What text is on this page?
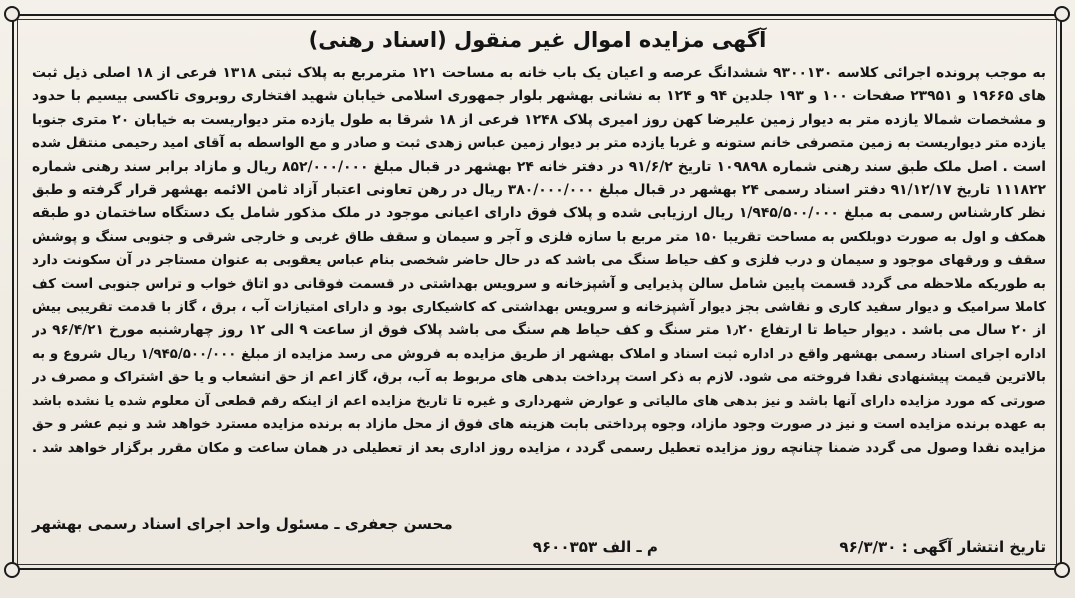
آگهی مزایده اموال غیر منقول (اسناد رهنی)
به موجب پرونده اجرائی کلاسه ۹۳۰۰۱۳۰ ششدانگ عرصه و اعیان یک باب خانه به مساحت ۱۲۱ مترمربع به پلاک ثبتی ۱۳۱۸ فرعی از ۱۸ اصلی ذیل ثبت
های ۱۹۶۶۵ و ۲۳۹۵۱ صفحات ۱۰۰ و ۱۹۳ جلدین ۹۴ و ۱۲۴ به نشانی بهشهر بلوار جمهوری اسلامی خیابان شهید افتخاری روبروی تاکسی بیسیم با حدود
و مشخصات شمالا یازده متر به دیوار زمین علیرضا کهن روز امیری پلاک ۱۲۴۸ فرعی از ۱۸ شرقا به طول یازده متر دیواریست به خیابان ۲۰ متری جنوبا
یازده متر دیواریست به زمین متصرفی خانم ستونه و غربا یازده متر بر دیوار زمین عباس زهدی ثبت و صادر و مع الواسطه به آقای امید رحیمی منتقل شده
است . اصل ملک طبق سند رهنی شماره ۱۰۹۸۹۸ تاریخ ۹۱/۶/۲ در دفتر خانه ۲۴ بهشهر در قبال مبلغ ۸۵۲/۰۰۰/۰۰۰ ریال و مازاد برابر سند رهنی شماره
۱۱۱۸۲۲ تاریخ ۹۱/۱۲/۱۷ دفتر اسناد رسمی ۲۴ بهشهر در قبال مبلغ ۳۸۰/۰۰۰/۰۰۰ ریال در رهن تعاونی اعتبار آزاد ثامن الائمه بهشهر قرار گرفته و طبق
نظر کارشناس رسمی به مبلغ ۱/۹۴۵/۵۰۰/۰۰۰ ریال ارزیابی شده و پلاک فوق دارای اعیانی موجود در ملک مذکور شامل یک دستگاه ساختمان دو طبقه
همکف و اول به صورت دوبلکس به مساحت تقریبا ۱۵۰ متر مربع با سازه فلزی و آجر و سیمان و سقف طاق غربی و خارجی شرقی و جنوبی سنگ و پوشش
سقف و ورقهای موجود و سیمان و درب فلزی و کف حیاط سنگ می باشد که در حال حاضر شخصی بنام عباس یعقوبی به عنوان مستاجر در آن سکونت دارد
به طوریکه ملاحظه می گردد قسمت پایین شامل سالن پذیرایی و آشپزخانه و سرویس بهداشتی در قسمت فوقانی دو اتاق خواب و تراس جنوبی است کف
کاملا سرامیک و دیوار سفید کاری و نقاشی بجز دیوار آشپزخانه و سرویس بهداشتی که کاشیکاری بود و دارای امتیازات آب ، برق ، گاز با قدمت تقریبی بیش
از ۲۰ سال می باشد . دیوار حیاط تا ارتفاع ۱٫۲۰ متر سنگ و کف حیاط هم سنگ می باشد پلاک فوق از ساعت ۹ الی ۱۲ روز چهارشنبه مورخ ۹۶/۴/۲۱ در
اداره اجرای اسناد رسمی بهشهر واقع در اداره ثبت اسناد و املاک بهشهر از طریق مزایده به فروش می رسد مزایده از مبلغ ۱/۹۴۵/۵۰۰/۰۰۰ ریال شروع و به
بالاترین قیمت پیشنهادی نقدا فروخته می شود. لازم به ذکر است پرداخت بدهی های مربوط به آب، برق، گاز اعم از حق انشعاب و یا حق اشتراک و مصرف در
صورتی که مورد مزایده دارای آنها باشد و نیز بدهی های مالیاتی و عوارض شهرداری و غیره تا تاریخ مزایده اعم از اینکه رقم قطعی آن معلوم شده یا نشده باشد
به عهده برنده مزایده است و نیز در صورت وجود مازاد، وجوه پرداختی بابت هزینه های فوق از محل مازاد به برنده مزایده مسترد خواهد شد و نیم عشر و حق
مزایده نقدا وصول می گردد ضمنا چنانچه روز مزایده تعطیل رسمی گردد ، مزایده روز اداری بعد از تعطیلی در همان ساعت و مکان مقرر برگزار خواهد شد .
محسن جعفری ـ مسئول واحد اجرای اسناد رسمی بهشهر
تاریخ انتشار آگهی : ۹۶/۳/۳۰
م ـ الف ۹۶۰۰۳۵۳
